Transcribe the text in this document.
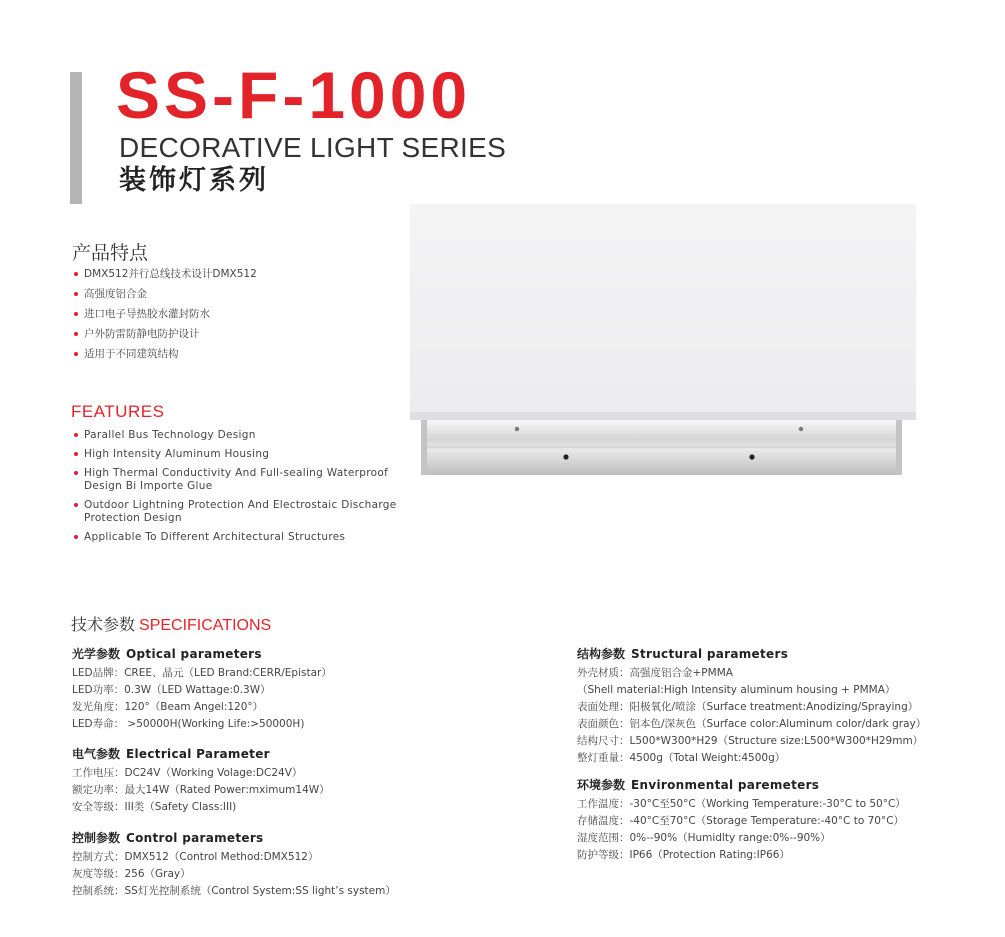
SS-F-1000
DECORATIVE LIGHT SERIES
装饰灯系列
产品特点
DMX512并行总线技术设计DMX512
高强度铝合金
进口电子导热胶水灌封防水
户外防雷防静电防护设计
适用于不同建筑结构
FEATURES
Parallel Bus Technology Design
High Intensity Aluminum Housing
High Thermal Conductivity And Full-sealing Waterproof Design Bi Importe Glue
Outdoor Lightning Protection And Electrostaic Discharge Protection Design
Applicable To Different Architectural Structures
技术参数 SPECIFICATIONS
光学参数 Optical parameters
LED品牌：CREE、晶元（LED Brand:CERR/Epistar）
LED功率：0.3W（LED Wattage:0.3W）
发光角度：120°（Beam Angel:120°）
LED寿命： >50000H(Working Life:>50000H)
电气参数 Electrical Parameter
工作电压：DC24V（Working Volage:DC24V）
额定功率：最大14W（Rated Power:mximum14W）
安全等级：III类（Safety Class:III)
控制参数 Control parameters
控制方式：DMX512（Control Method:DMX512）
灰度等级：256（Gray）
控制系统：SS灯光控制系统（Control System:SS light’s system）
结构参数 Structural parameters
外壳材质：高强度铝合金+PMMA
（Shell material:High Intensity aluminum housing + PMMA）
表面处理：阳极氧化/喷涂（Surface treatment:Anodizing/Spraying）
表面颜色：铝本色/深灰色（Surface color:Aluminum color/dark gray）
结构尺寸：L500*W300*H29（Structure size:L500*W300*H29mm）
整灯重量：4500g（Total Weight:4500g）
环境参数 Environmental paremeters
工作温度：-30°C至50°C（Working Temperature:-30°C to 50°C）
存储温度：-40°C至70°C（Storage Temperature:-40°C to 70°C）
湿度范围：0%--90%（Humidlty range:0%--90%）
防护等级：IP66（Protection Rating:IP66）
